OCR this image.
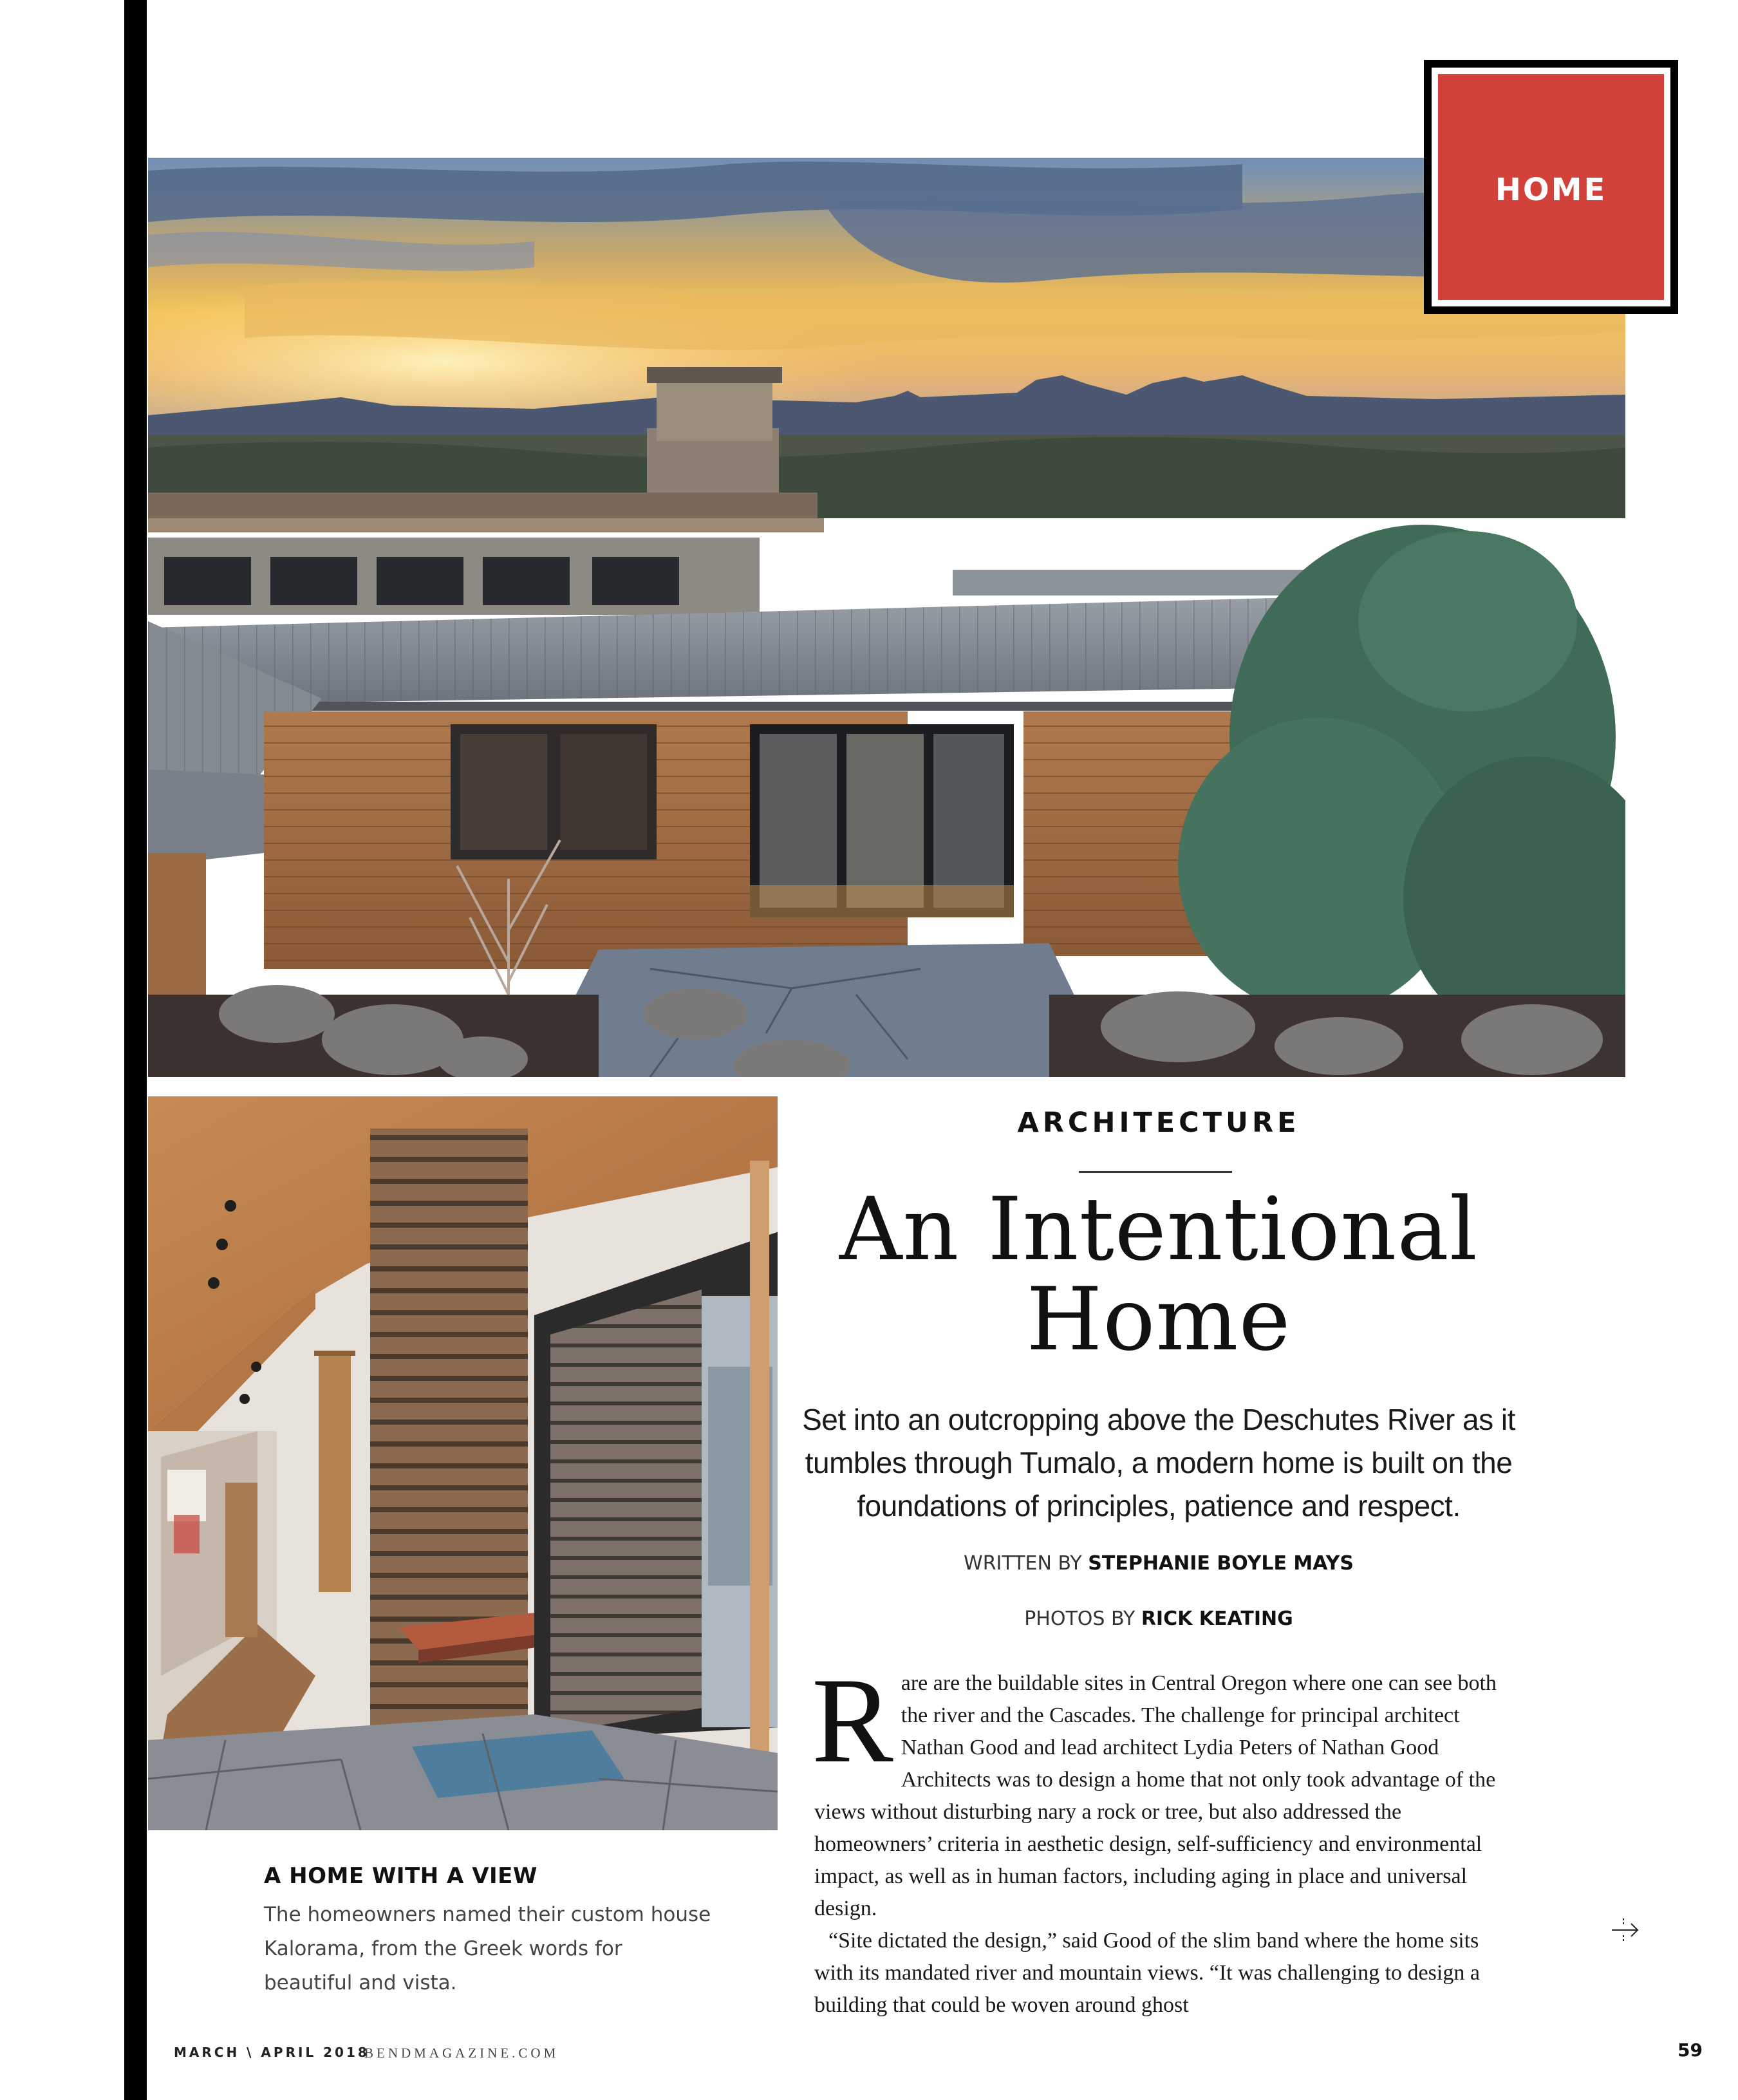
HOME
A HOME WITH A VIEW
The homeowners named their custom house Kalorama, from the Greek words for beautiful and vista.
ARCHITECTURE
An Intentional
Home
Set into an outcropping above the Deschutes River as it tumbles through Tumalo, a modern home is built on the foundations of principles, patience and respect.
WRITTEN BY STEPHANIE BOYLE MAYS
PHOTOS BY RICK KEATING

Rare are the buildable sites in Central Oregon where one can see both the river and the Cascades. The challenge for principal architect Nathan Good and lead architect Lydia Peters of Nathan Good Architects was to design a home that not only took advantage of the views without disturbing nary a rock or tree, but also addressed the homeowners’ criteria in aesthetic design, self-sufficiency and environmental impact, as well as in human factors, including aging in place and universal design.

“Site dictated the design,” said Good of the slim band where the home sits with its mandated river and mountain views. “It was challenging to design a building that could be woven around ghost

MARCH \ APRIL 2018
BENDMAGAZINE.COM	59
